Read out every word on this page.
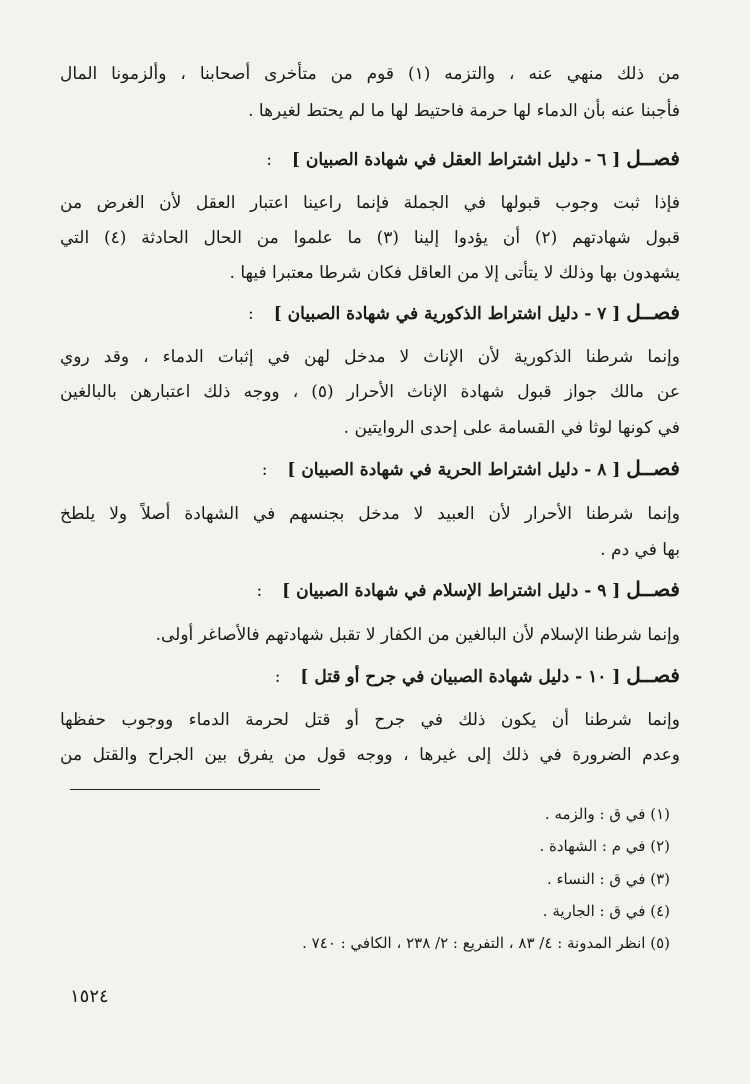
من ذلك منهي عنه ، والتزمه (١) قوم من متأخرى أصحابنا ، وألزمونا المال
فأجبنا عنه بأن الدماء لها حرمة فاحتيط لها ما لم يحتط لغيرها .
فصــل [ ٦ - دليل اشتراط العقل في شهادة الصبيان ] :
فإذا ثبت وجوب قبولها في الجملة فإنما راعينا اعتبار العقل لأن الغرض من
قبول شهادتهم (٢) أن يؤدوا إلينا (٣) ما علموا من الحال الحادثة (٤) التي
يشهدون بها وذلك لا يتأتى إلا من العاقل فكان شرطا معتبرا فيها .
فصــل [ ٧ - دليل اشتراط الذكورية في شهادة الصبيان ] :
وإنما شرطنا الذكورية لأن الإناث لا مدخل لهن في إثبات الدماء ، وقد روي
عن مالك جواز قبول شهادة الإناث الأحرار (٥) ، ووجه ذلك اعتبارهن بالبالغين
في كونها لوثا في القسامة على إحدى الروايتين .
فصــل [ ٨ - دليل اشتراط الحرية في شهادة الصبيان ] :
وإنما شرطنا الأحرار لأن العبيد لا مدخل بجنسهم في الشهادة أصلاً ولا يلطخ
بها في دم .
فصــل [ ٩ - دليل اشتراط الإسلام في شهادة الصبيان ] :
وإنما شرطنا الإسلام لأن البالغين من الكفار لا تقبل شهادتهم فالأصاغر أولى.
فصــل [ ١٠ - دليل شهادة الصبيان في جرح أو قتل ] :
وإنما شرطنا أن يكون ذلك في جرح أو قتل لحرمة الدماء ووجوب حفظها
وعدم الضرورة في ذلك إلى غيرها ، ووجه قول من يفرق بين الجراح والقتل من
(١) في ق : والزمه .
(٢) في م : الشهادة .
(٣) في ق : النساء .
(٤) في ق : الجارية .
(٥) انظر المدونة : ٤/ ٨٣ ، التفريع : ٢/ ٢٣٨ ، الكافي : ٧٤٠ .
١٥٢٤
